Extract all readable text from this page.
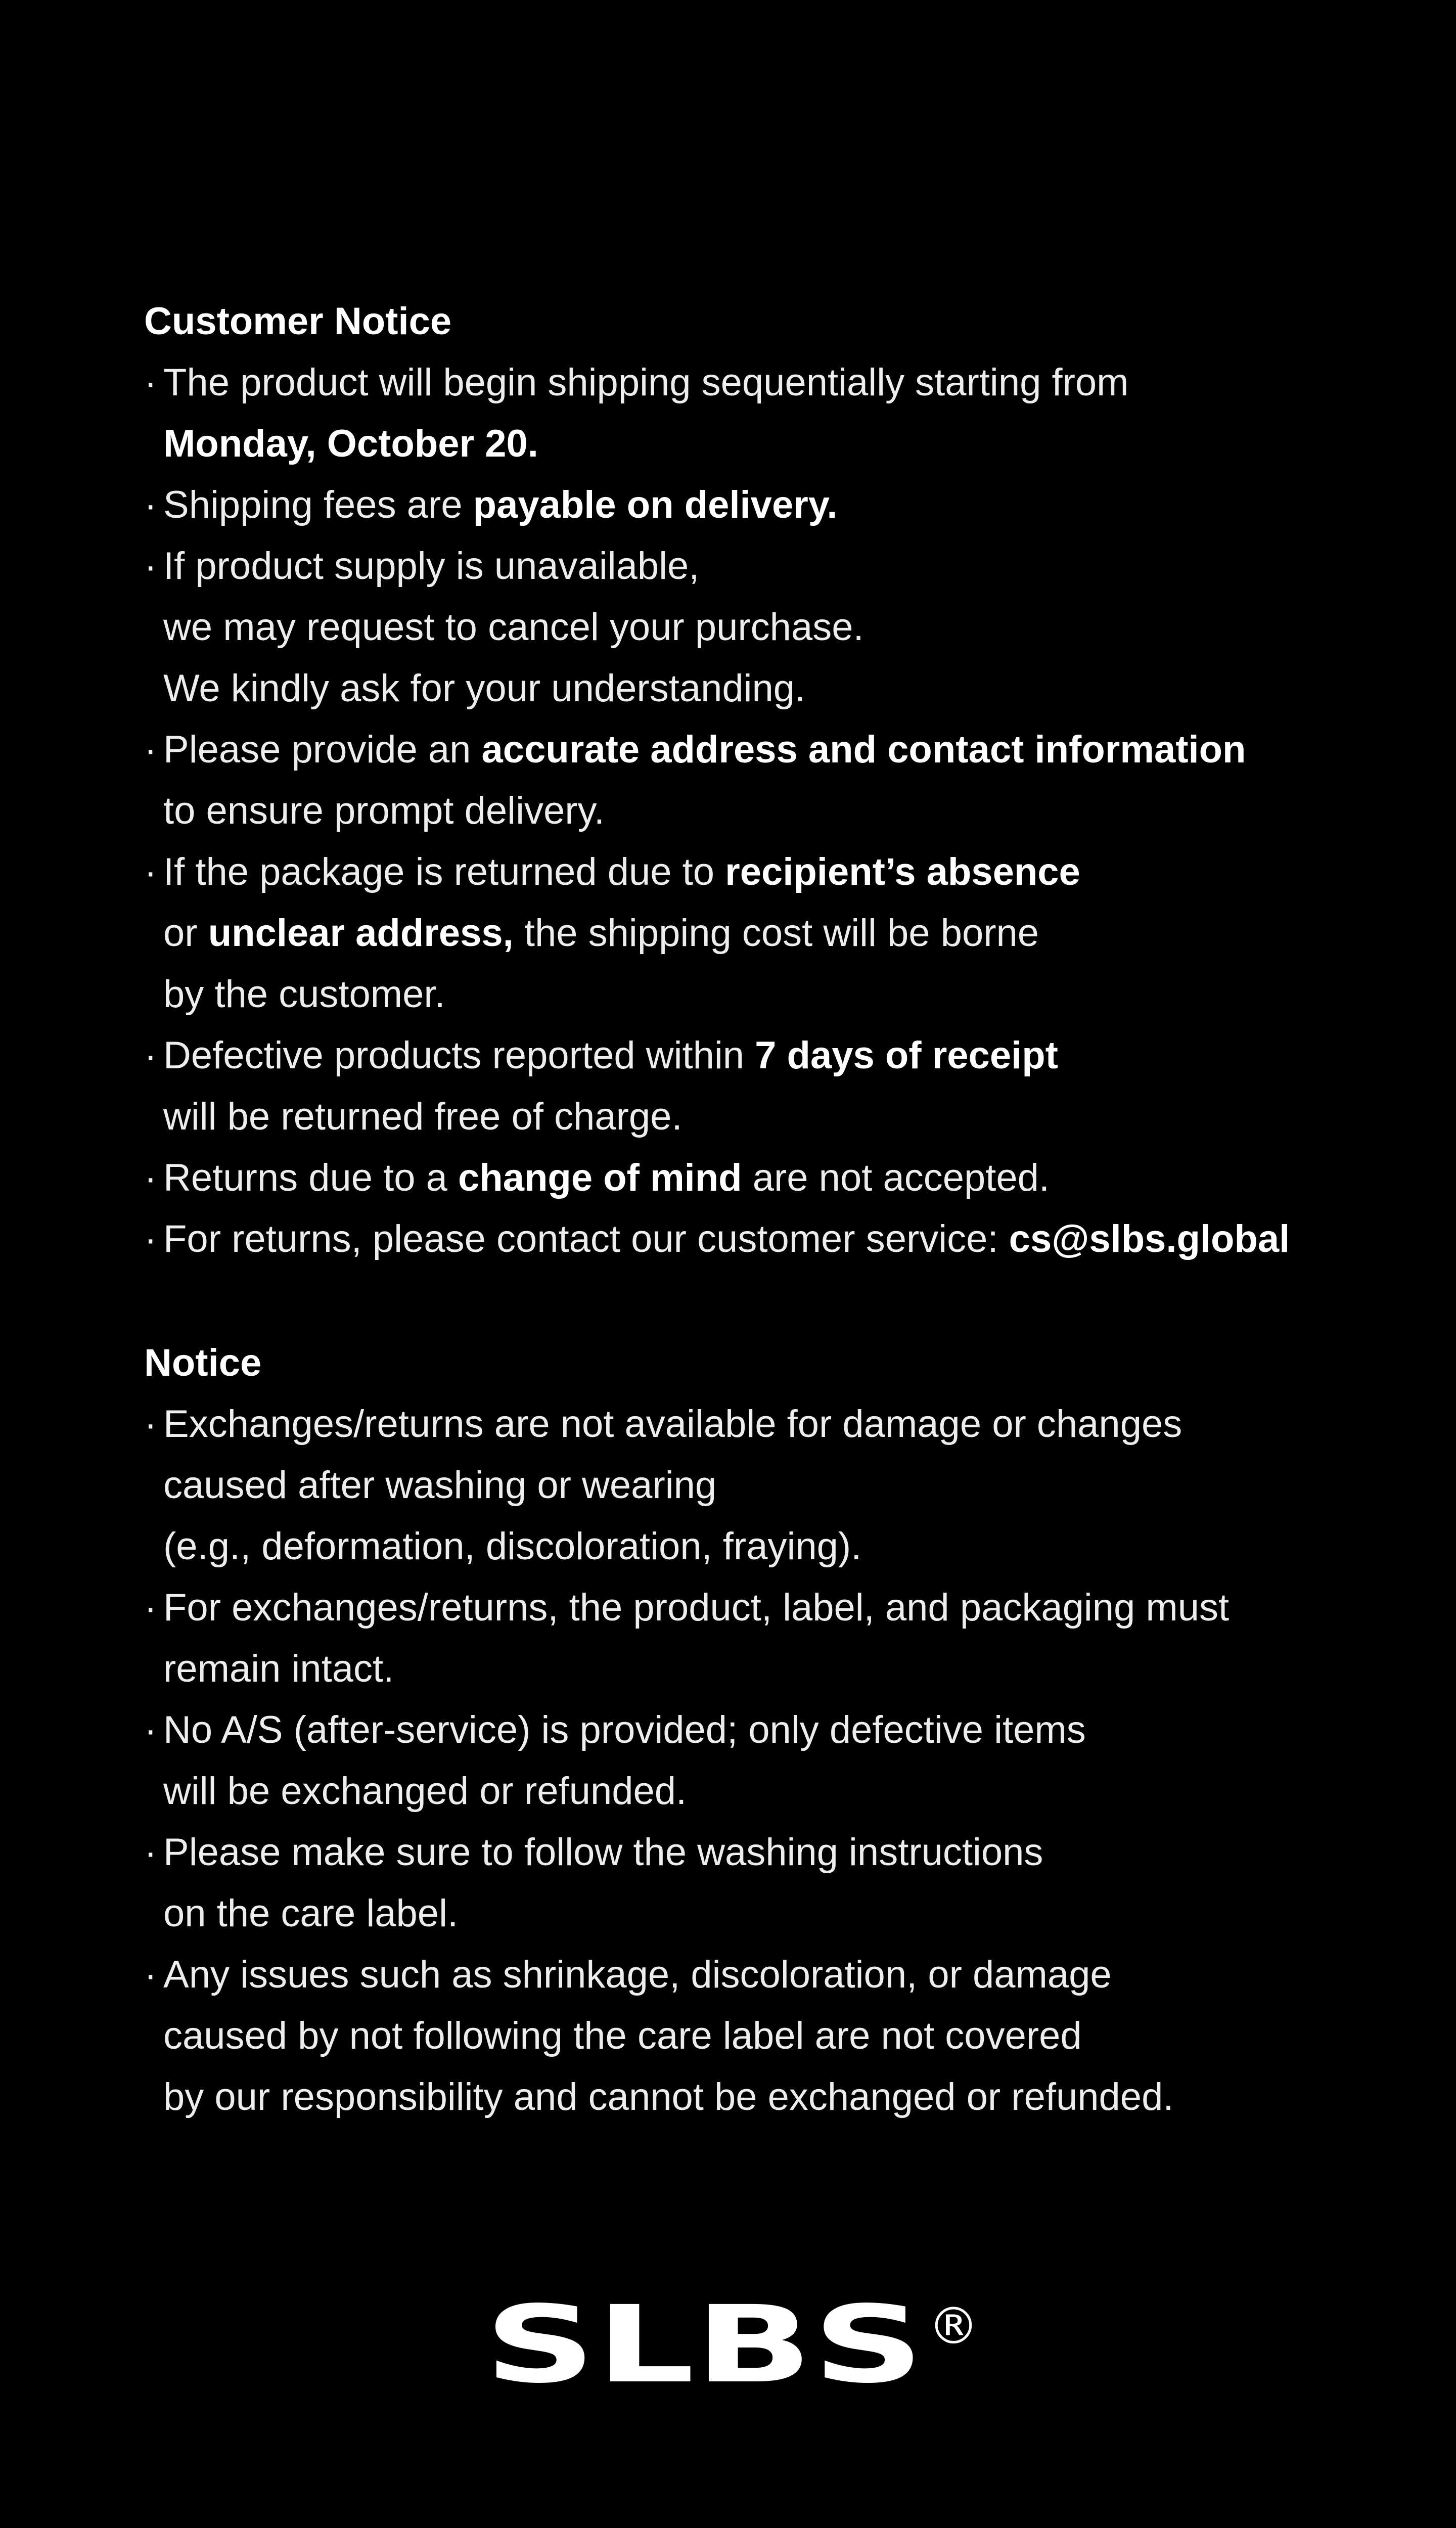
Customer Notice
· The product will begin shipping sequentially starting from
Monday, October 20.
· Shipping fees are payable on delivery.
· If product supply is unavailable,
we may request to cancel your purchase.
We kindly ask for your understanding.
· Please provide an accurate address and contact information
to ensure prompt delivery.
· If the package is returned due to recipient’s absence
or unclear address, the shipping cost will be borne
by the customer.
· Defective products reported within 7 days of receipt
will be returned free of charge.
· Returns due to a change of mind are not accepted.
· For returns, please contact our customer service: cs@slbs.global
Notice
· Exchanges/returns are not available for damage or changes
caused after washing or wearing
(e.g., deformation, discoloration, fraying).
· For exchanges/returns, the product, label, and packaging must
remain intact.
· No A/S (after-service) is provided; only defective items
will be exchanged or refunded.
· Please make sure to follow the washing instructions
on the care label.
· Any issues such as shrinkage, discoloration, or damage
caused by not following the care label are not covered
by our responsibility and cannot be exchanged or refunded.
SLBS ®
